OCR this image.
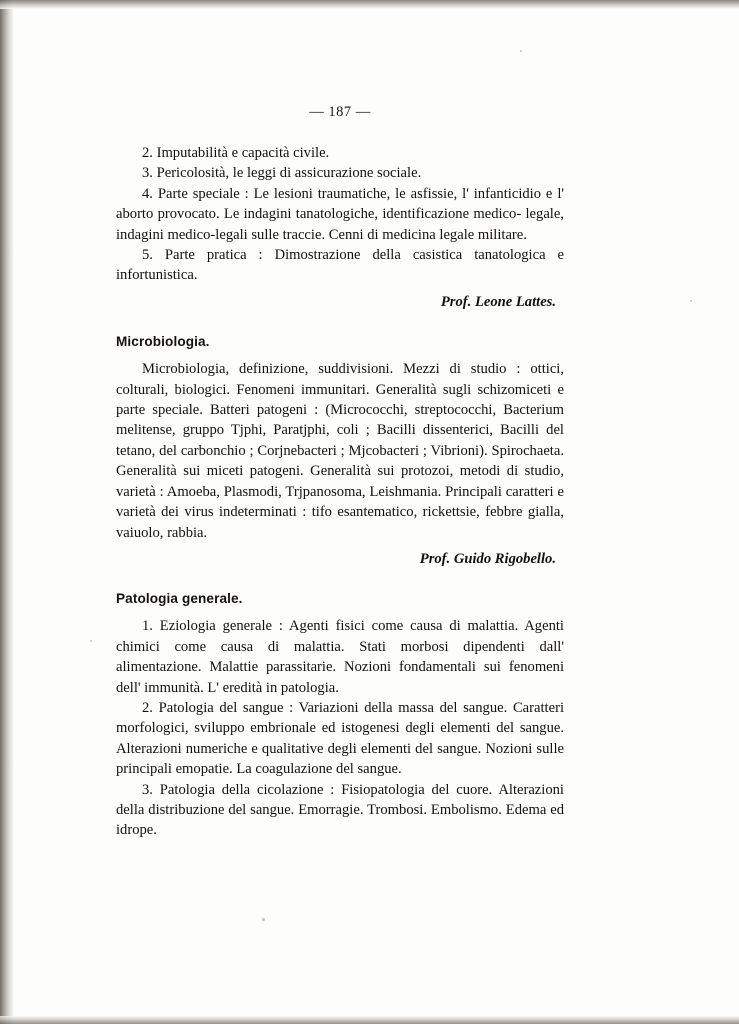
— 187 —

2. Imputabilità e capacità civile.

3. Pericolosità, le leggi di assicurazione sociale.

4. Parte speciale : Le lesioni traumatiche, le asfissie, l' infanticidio e l' aborto provocato. Le indagini tanatologiche, identificazione medico- legale, indagini medico-legali sulle traccie. Cenni di medicina legale militare.

5. Parte pratica : Dimostrazione della casistica tanatologica e infortunistica.

Prof. Leone Lattes.
Microbiologia.

Microbiologia, definizione, suddivisioni. Mezzi di studio : ottici, colturali, biologici. Fenomeni immunitari. Generalità sugli schizomiceti e parte speciale. Batteri patogeni : (Micrococchi, streptococchi, Bacterium melitense, gruppo Tjphi, Paratjphi, coli ; Bacilli dissenterici, Bacilli del tetano, del carbonchio ; Corjnebacteri ; Mjcobacteri ; Vibrioni). Spirochaeta. Generalità sui miceti patogeni. Generalità sui protozoi, metodi di studio, varietà : Amoeba, Plasmodi, Trjpanosoma, Leishmania. Principali caratteri e varietà dei virus indeterminati : tifo esantematico, rickettsie, febbre gialla, vaiuolo, rabbia.

Prof. Guido Rigobello.
Patologia generale.

1. Eziologia generale : Agenti fisici come causa di malattia. Agenti chimici come causa di malattia. Stati morbosi dipendenti dall' alimentazione. Malattie parassitarie. Nozioni fondamentali sui fenomeni dell' immunità. L' eredità in patologia.

2. Patologia del sangue : Variazioni della massa del sangue. Caratteri morfologici, sviluppo embrionale ed istogenesi degli elementi del sangue. Alterazioni numeriche e qualitative degli elementi del sangue. Nozioni sulle principali emopatie. La coagulazione del sangue.

3. Patologia della cicolazione : Fisiopatologia del cuore. Alterazioni della distribuzione del sangue. Emorragie. Trombosi. Embolismo. Edema ed idrope.
